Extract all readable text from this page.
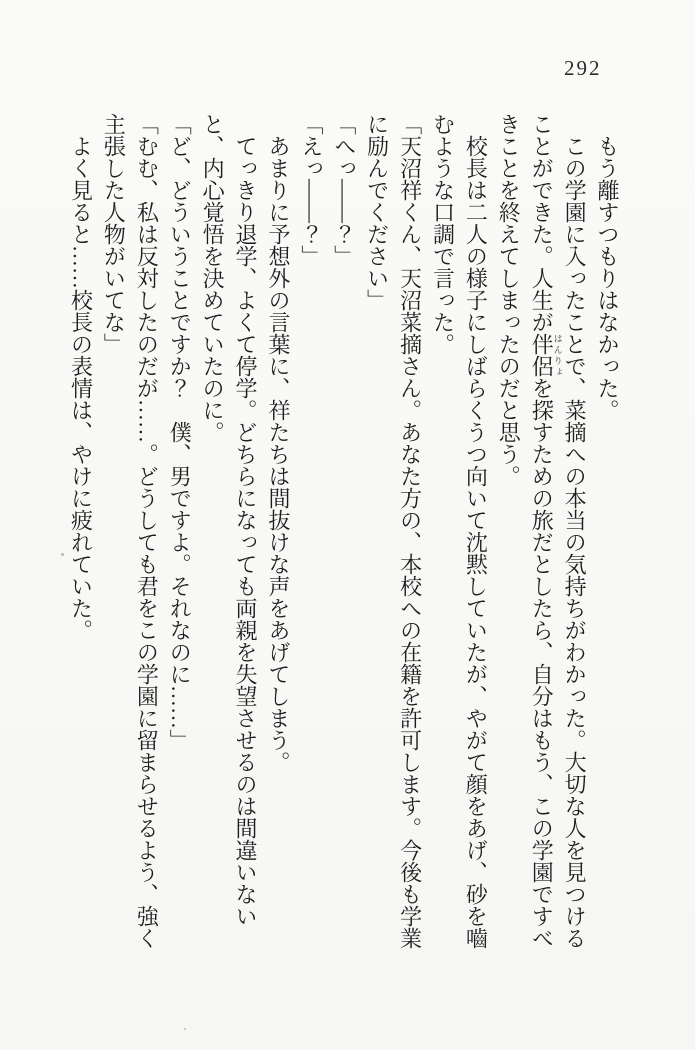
292

もう離すつもりはなかった。

この学園に入ったことで、菜摘への本当の気持ちがわかった。大切な人を見つけることができた。人生が伴侶はんりょを探すための旅だとしたら、自分はもう、この学園ですべきことを終えてしまったのだと思う。

校長は二人の様子にしばらくうつ向いて沈黙していたが、やがて顔をあげ、砂を嚙むような口調で言った。

「天沼祥くん、天沼菜摘さん。あなた方の、本校への在籍を許可します。今後も学業に励んでください」

「へっ――？」

「えっ――？」

あまりに予想外の言葉に、祥たちは間抜けな声をあげてしまう。

てっきり退学、よくて停学。どちらになっても両親を失望させるのは間違いないと、内心覚悟を決めていたのに。

「ど、どういうことですか？　僕、男ですよ。それなのに……」

「むむ、私は反対したのだが……。どうしても君をこの学園に留まらせるよう、強く主張した人物がいてな」

よく見ると……校長の表情は、やけに疲れていた。
